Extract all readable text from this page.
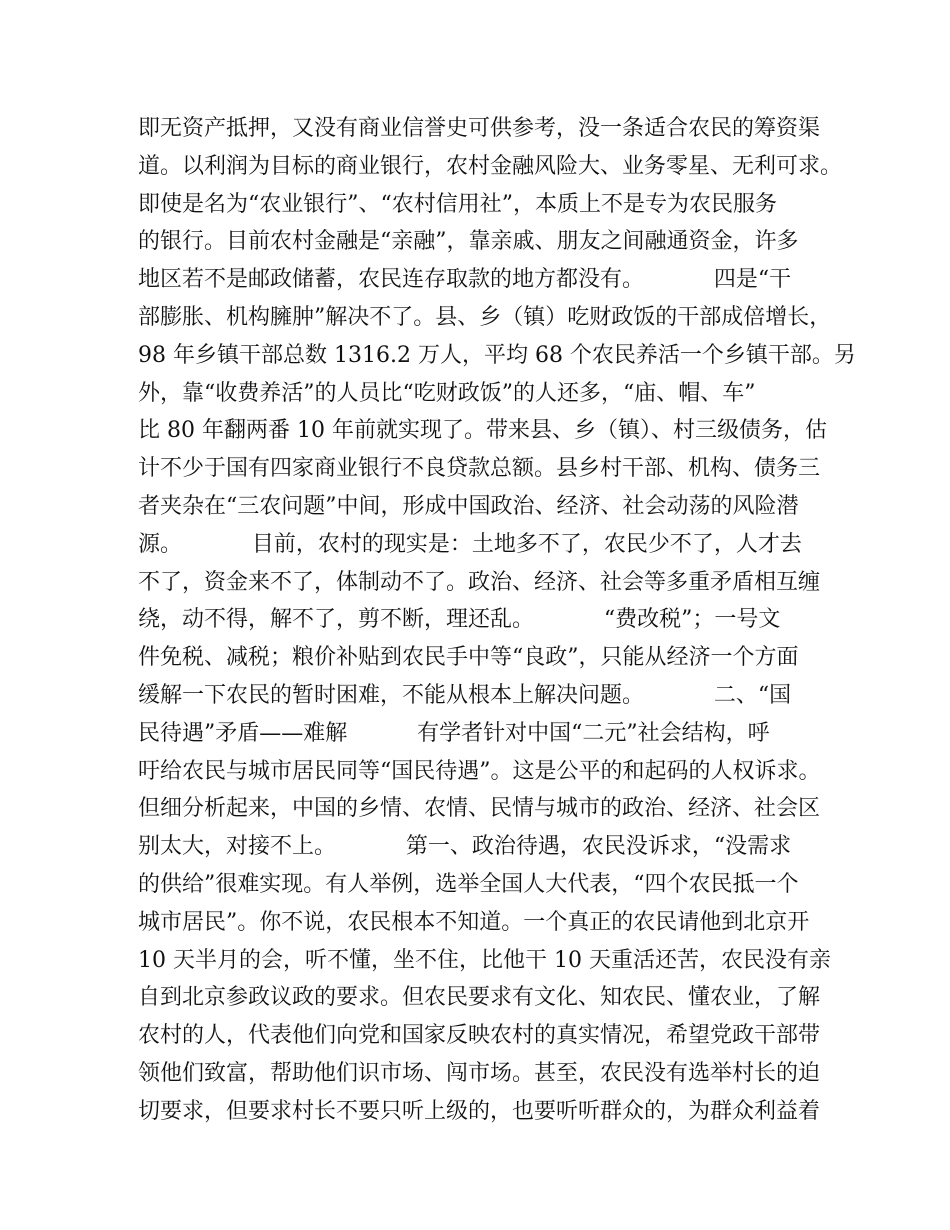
即无资产抵押，又没有商业信誉史可供参考，没一条适合农民的筹资渠
道。以利润为目标的商业银行，农村金融风险大、业务零星、无利可求。
即使是名为“农业银行”、“农村信用社”，本质上不是专为农民服务
的银行。目前农村金融是“亲融”，靠亲戚、朋友之间融通资金，许多
地区若不是邮政储蓄，农民连存取款的地方都没有。          四是“干
部膨胀、机构臃肿”解决不了。县、乡（镇）吃财政饭的干部成倍增长，
98 年乡镇干部总数 1316.2 万人，平均 68 个农民养活一个乡镇干部。另
外，靠“收费养活”的人员比“吃财政饭”的人还多，“庙、帽、车”
比 80 年翻两番 10 年前就实现了。带来县、乡（镇）、村三级债务，估
计不少于国有四家商业银行不良贷款总额。县乡村干部、机构、债务三
者夹杂在“三农问题”中间，形成中国政治、经济、社会动荡的风险潜
源。          目前，农村的现实是：土地多不了，农民少不了，人才去
不了，资金来不了，体制动不了。政治、经济、社会等多重矛盾相互缠
绕，动不得，解不了，剪不断，理还乱。          “费改税”；一号文
件免税、减税；粮价补贴到农民手中等“良政”，只能从经济一个方面
缓解一下农民的暂时困难，不能从根本上解决问题。          二、“国
民待遇”矛盾——难解          有学者针对中国“二元”社会结构，呼
吁给农民与城市居民同等“国民待遇”。这是公平的和起码的人权诉求。
但细分析起来，中国的乡情、农情、民情与城市的政治、经济、社会区
别太大，对接不上。          第一、政治待遇，农民没诉求，“没需求
的供给”很难实现。有人举例，选举全国人大代表，“四个农民抵一个
城市居民”。你不说，农民根本不知道。一个真正的农民请他到北京开
10 天半月的会，听不懂，坐不住，比他干 10 天重活还苦，农民没有亲
自到北京参政议政的要求。但农民要求有文化、知农民、懂农业，了解
农村的人，代表他们向党和国家反映农村的真实情况，希望党政干部带
领他们致富，帮助他们识市场、闯市场。甚至，农民没有选举村长的迫
切要求，但要求村长不要只听上级的，也要听听群众的，为群众利益着
